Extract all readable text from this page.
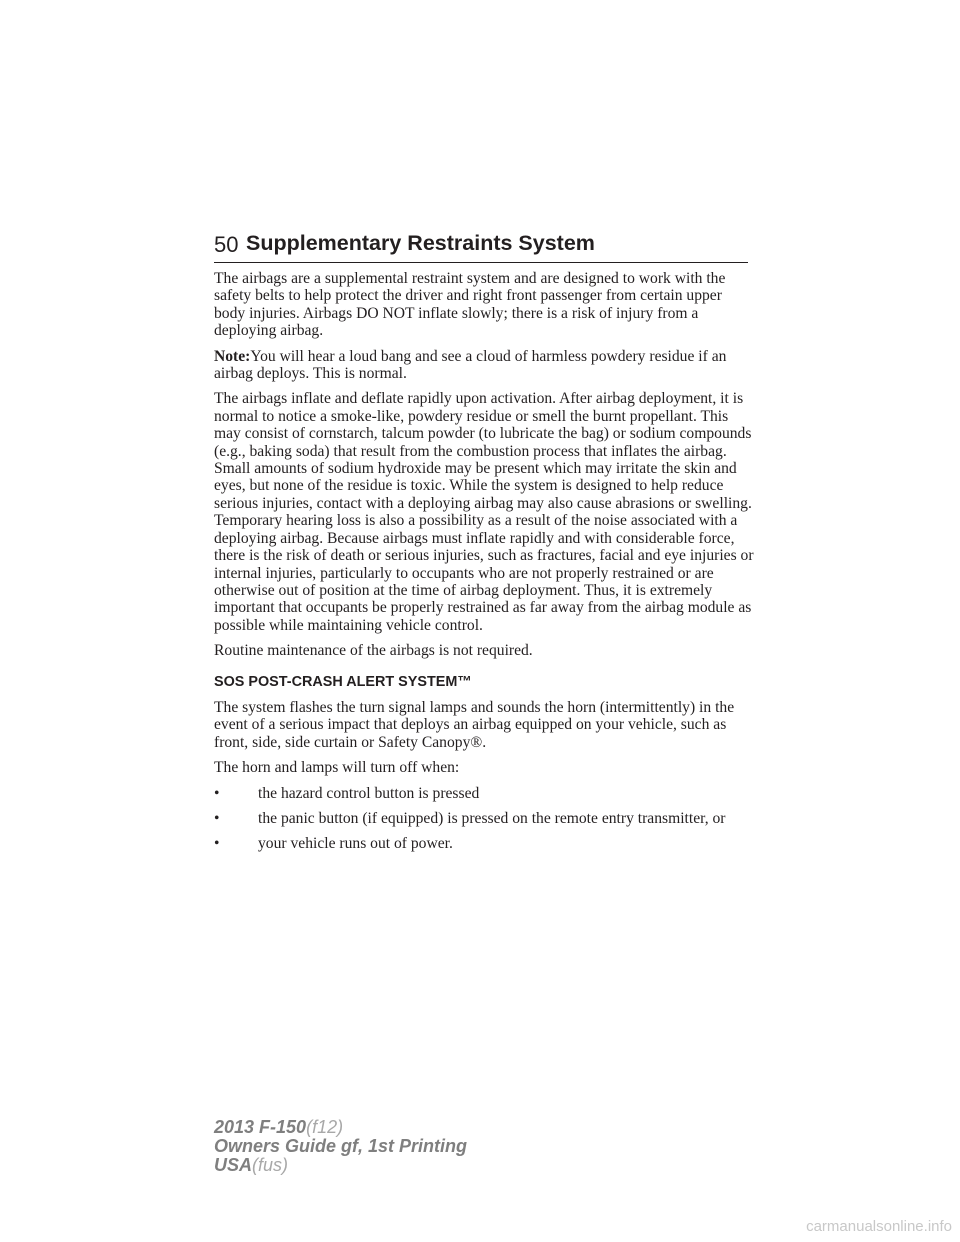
50 Supplementary Restraints System

The airbags are a supplemental restraint system and are designed to work with the safety belts to help protect the driver and right front passenger from certain upper body injuries. Airbags DO NOT inflate slowly; there is a risk of injury from a deploying airbag.

Note:You will hear a loud bang and see a cloud of harmless powdery residue if an airbag deploys. This is normal.

The airbags inflate and deflate rapidly upon activation. After airbag deployment, it is normal to notice a smoke-like, powdery residue or smell the burnt propellant. This may consist of cornstarch, talcum powder (to lubricate the bag) or sodium compounds (e.g., baking soda) that result from the combustion process that inflates the airbag. Small amounts of sodium hydroxide may be present which may irritate the skin and eyes, but none of the residue is toxic. While the system is designed to help reduce serious injuries, contact with a deploying airbag may also cause abrasions or swelling. Temporary hearing loss is also a possibility as a result of the noise associated with a deploying airbag. Because airbags must inflate rapidly and with considerable force, there is the risk of death or serious injuries, such as fractures, facial and eye injuries or internal injuries, particularly to occupants who are not properly restrained or are otherwise out of position at the time of airbag deployment. Thus, it is extremely important that occupants be properly restrained as far away from the airbag module as possible while maintaining vehicle control.

Routine maintenance of the airbags is not required.

SOS POST-CRASH ALERT SYSTEM™

The system flashes the turn signal lamps and sounds the horn (intermittently) in the event of a serious impact that deploys an airbag equipped on your vehicle, such as front, side, side curtain or Safety Canopy®.

The horn and lamps will turn off when:

•	the hazard control button is pressed
•	the panic button (if equipped) is pressed on the remote entry transmitter, or
•	your vehicle runs out of power.
2013 F-150(f12)
Owners Guide gf, 1st Printing
USA(fus)
carmanualsonline.info
